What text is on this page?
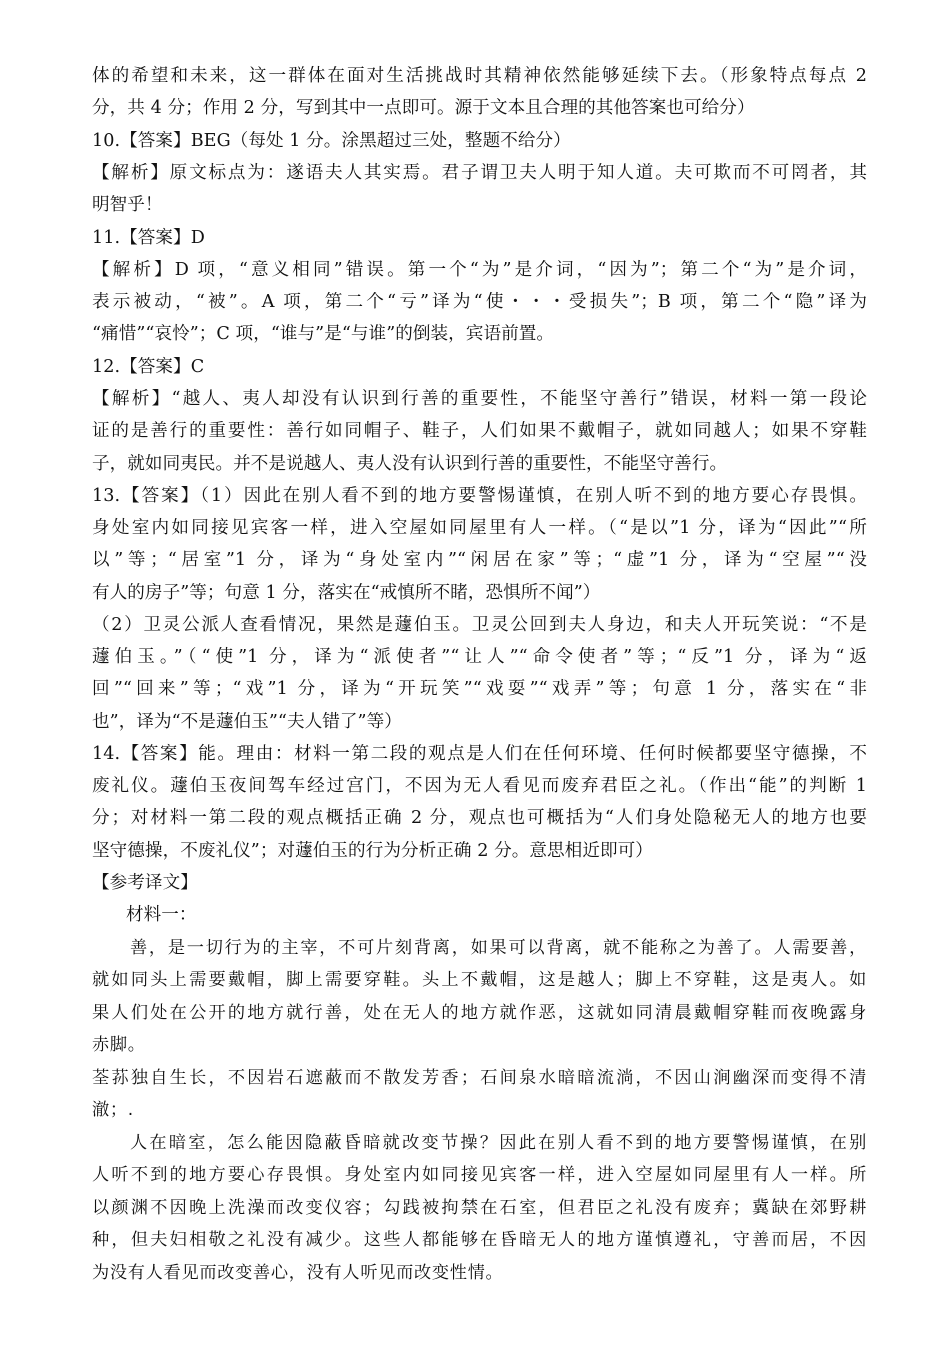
体的希望和未来，这一群体在面对生活挑战时其精神依然能够延续下去。（形象特点每点 2
分，共 4 分；作用 2 分，写到其中一点即可。源于文本且合理的其他答案也可给分）
10.【答案】BEG（每处 1 分。涂黑超过三处，整题不给分）
【解析】原文标点为：遂语夫人其实焉。君子谓卫夫人明于知人道。夫可欺而不可罔者，其
明智乎！
11.【答案】D
【解析】D 项，“意义相同”错误。第一个“为”是介词，“因为”；第二个“为”是介词，
表示被动，“被”。A 项，第二个“亏”译为“使・・・受损失”；B 项，第二个“隐”译为
“痛惜”“哀怜”；C 项，“谁与”是“与谁”的倒装，宾语前置。
12.【答案】C
【解析】“越人、夷人却没有认识到行善的重要性，不能坚守善行”错误，材料一第一段论
证的是善行的重要性：善行如同帽子、鞋子，人们如果不戴帽子，就如同越人；如果不穿鞋
子，就如同夷民。并不是说越人、夷人没有认识到行善的重要性，不能坚守善行。
13.【答案】（1）因此在别人看不到的地方要警惕谨慎，在别人听不到的地方要心存畏惧。
身处室内如同接见宾客一样，进入空屋如同屋里有人一样。（“是以”1 分，译为“因此”“所
以”等；“居室”1 分，译为“身处室内”“闲居在家”等；“虚”1 分，译为“空屋”“没
有人的房子”等；句意 1 分，落实在“戒慎所不睹，恐惧所不闻”）
（2）卫灵公派人查看情况，果然是蘧伯玉。卫灵公回到夫人身边，和夫人开玩笑说：“不是
蘧伯玉。”（“使”1 分，译为“派使者”“让人”“命令使者”等；“反”1 分，译为“返
回”“回来”等；“戏”1 分，译为“开玩笑”“戏耍”“戏弄”等；句意 1 分，落实在“非
也”，译为“不是蘧伯玉”“夫人错了”等）
14.【答案】能。理由：材料一第二段的观点是人们在任何环境、任何时候都要坚守德操，不
废礼仪。蘧伯玉夜间驾车经过宫门，不因为无人看见而废弃君臣之礼。（作出“能”的判断 1
分；对材料一第二段的观点概括正确 2 分，观点也可概括为“人们身处隐秘无人的地方也要
坚守德操，不废礼仪”；对蘧伯玉的行为分析正确 2 分。意思相近即可）
【参考译文】
材料一：
善，是一切行为的主宰，不可片刻背离，如果可以背离，就不能称之为善了。人需要善，
就如同头上需要戴帽，脚上需要穿鞋。头上不戴帽，这是越人；脚上不穿鞋，这是夷人。如
果人们处在公开的地方就行善，处在无人的地方就作恶，这就如同清晨戴帽穿鞋而夜晚露身
赤脚。
荃荪独自生长，不因岩石遮蔽而不散发芳香；石间泉水暗暗流淌，不因山涧幽深而变得不清
澈；.
人在暗室，怎么能因隐蔽昏暗就改变节操？因此在别人看不到的地方要警惕谨慎，在别
人听不到的地方要心存畏惧。身处室内如同接见宾客一样，进入空屋如同屋里有人一样。所
以颜渊不因晚上洗澡而改变仪容；勾践被拘禁在石室，但君臣之礼没有废弃；冀缺在郊野耕
种，但夫妇相敬之礼没有减少。这些人都能够在昏暗无人的地方谨慎遵礼，守善而居，不因
为没有人看见而改变善心，没有人听见而改变性情。
